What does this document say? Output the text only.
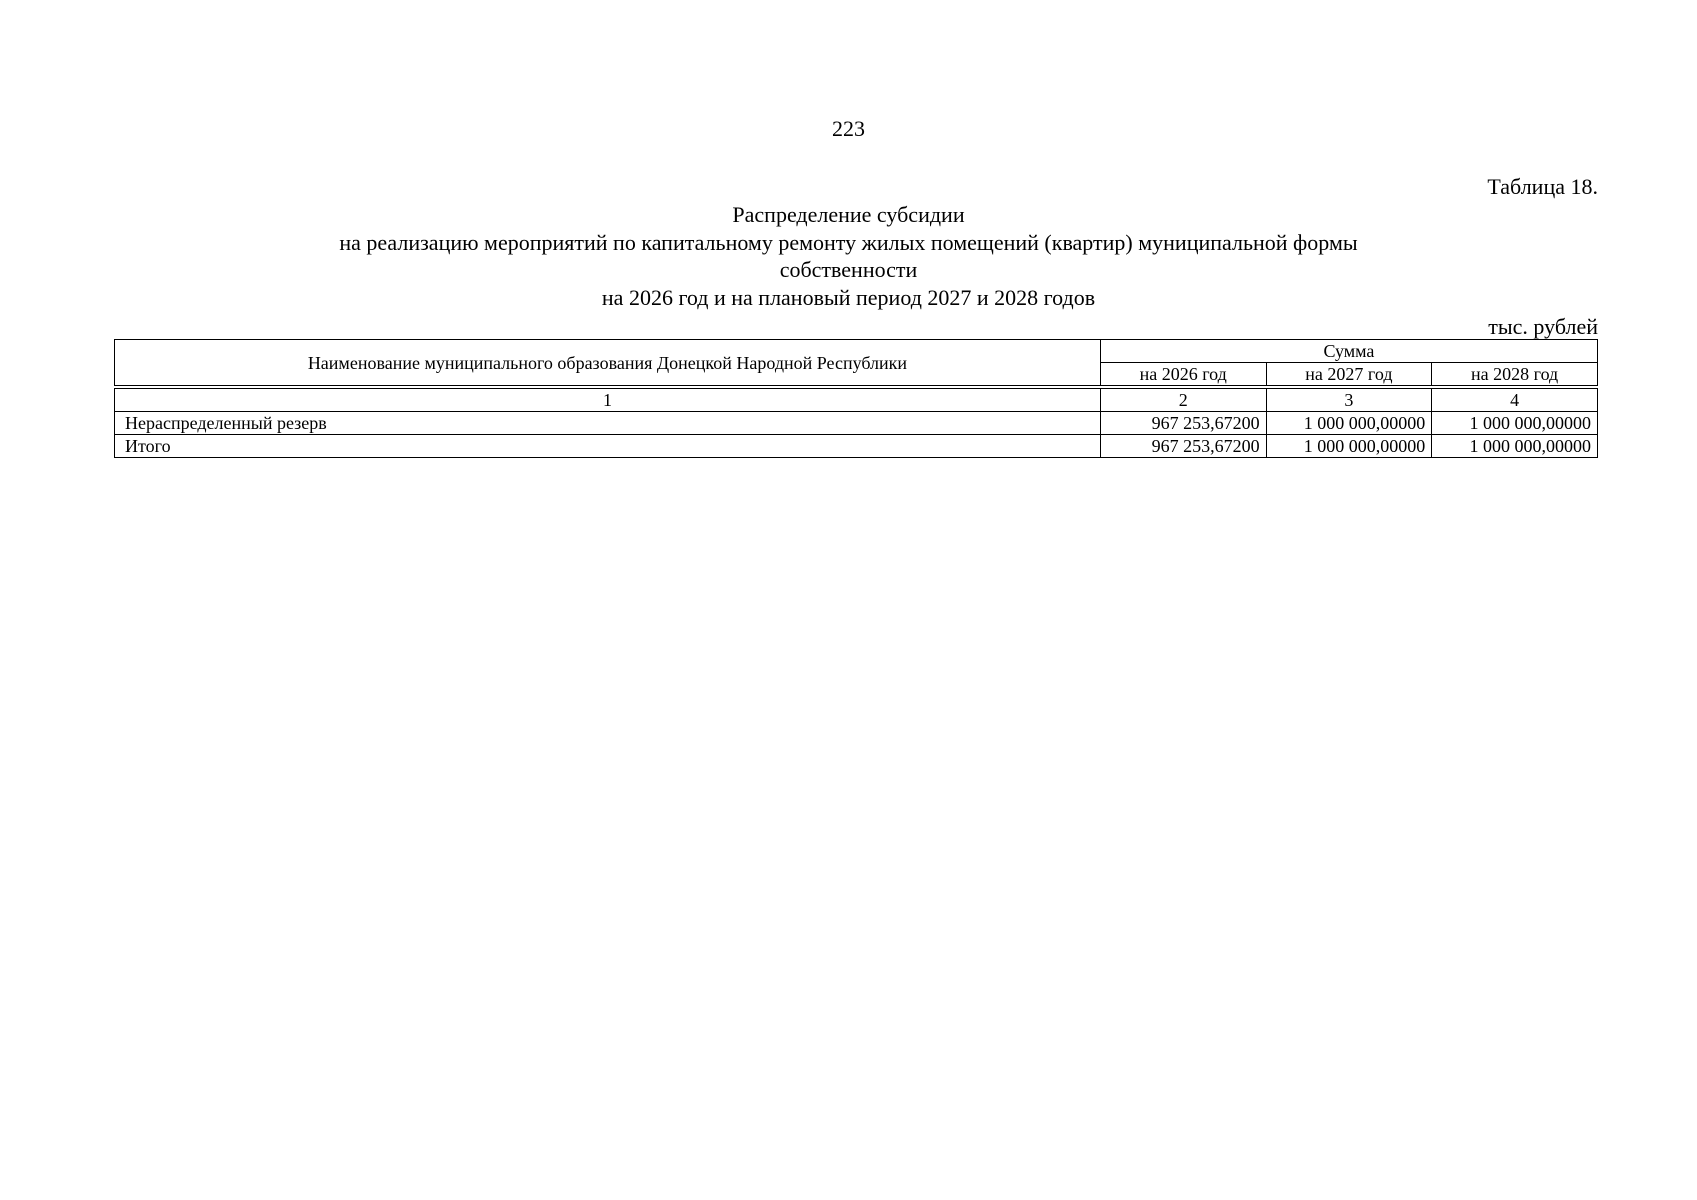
223
Таблица 18.
Распределение субсидии
на реализацию мероприятий по капитальному ремонту жилых помещений (квартир) муниципальной формы
собственности
на 2026 год и на плановый период 2027 и 2028 годов
тыс. рублей
Наименование муниципального образования Донецкой Народной Республики	Сумма		
	на 2026 год	на 2027 год	на 2028 год

1	2	3	4
Нераспределенный резерв	967 253,67200	1 000 000,00000	1 000 000,00000
Итого	967 253,67200	1 000 000,00000	1 000 000,00000
